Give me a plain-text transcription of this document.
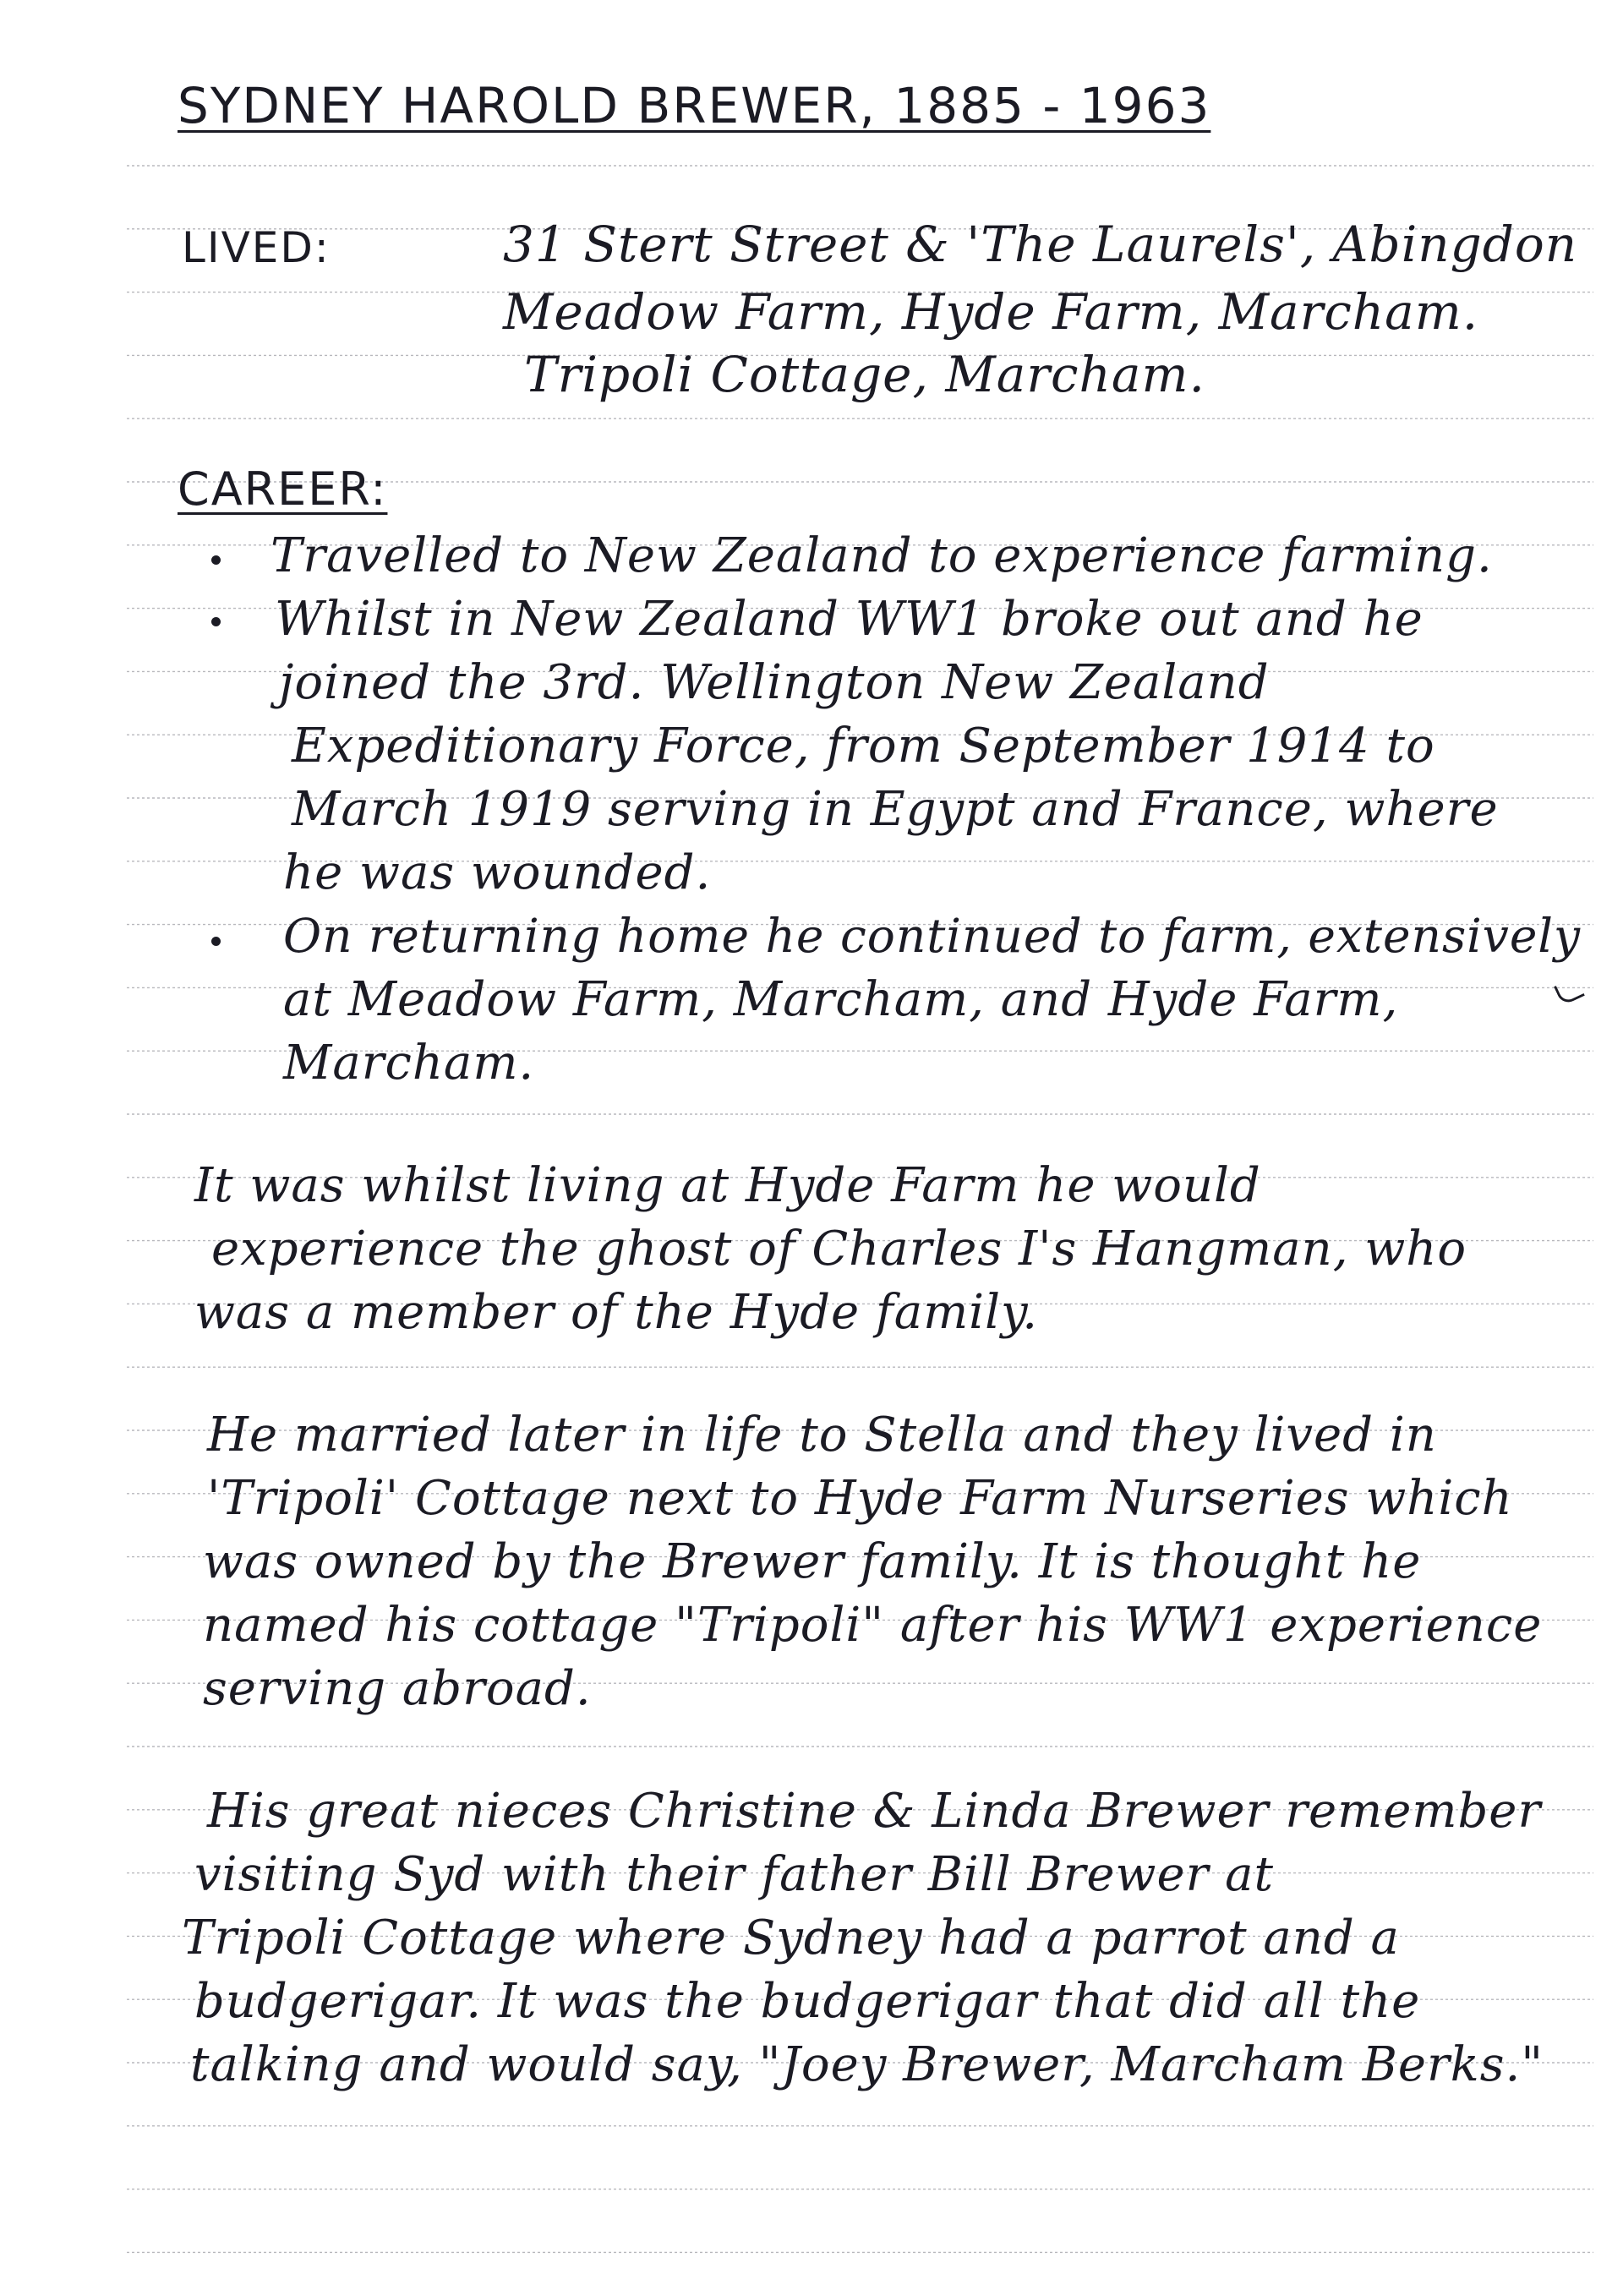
SYDNEY HAROLD BREWER, 1885 - 1963
LIVED:	31 Stert Street & 'The Laurels', Abingdon
Meadow Farm, Hyde Farm, Marcham.
Tripoli Cottage, Marcham.
CAREER:
Travelled to New Zealand to experience farming.
Whilst in New Zealand WW1 broke out and he
joined the 3rd. Wellington New Zealand
Expeditionary Force, from September 1914 to
March 1919 serving in Egypt and France, where
he was wounded.
On returning home he continued to farm, extensively
at Meadow Farm, Marcham, and Hyde Farm,
Marcham.
It was whilst living at Hyde Farm he would
experience the ghost of Charles I's Hangman, who
was a member of the Hyde family.
He married later in life to Stella and they lived in
'Tripoli' Cottage next to Hyde Farm Nurseries which
was owned by the Brewer family. It is thought he
named his cottage "Tripoli" after his WW1 experience
serving abroad.
His great nieces Christine & Linda Brewer remember
visiting Syd with their father Bill Brewer at
Tripoli Cottage where Sydney had a parrot and a
budgerigar. It was the budgerigar that did all the
talking and would say, "Joey Brewer, Marcham Berks."
